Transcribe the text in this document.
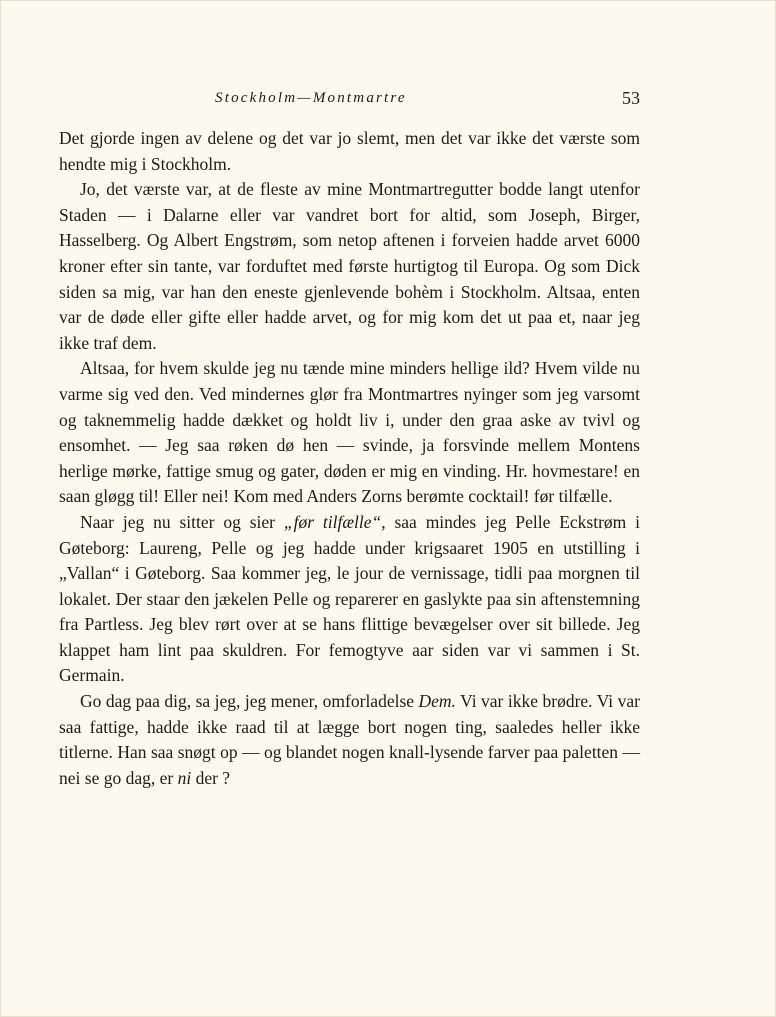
Stockholm—Montmartre	53

Det gjorde ingen av delene og det var jo slemt, men det var ikke det værste som hendte mig i Stockholm.

Jo, det værste var, at de fleste av mine Montmartregutter bodde langt utenfor Staden — i Dalarne eller var vandret bort for altid, som Joseph, Birger, Hasselberg. Og Albert Engstrøm, som netop aftenen i forveien hadde arvet 6000 kroner efter sin tante, var forduftet med første hurtigtog til Europa. Og som Dick siden sa mig, var han den eneste gjenlevende bohèm i Stockholm. Altsaa, enten var de døde eller gifte eller hadde arvet, og for mig kom det ut paa et, naar jeg ikke traf dem.

Altsaa, for hvem skulde jeg nu tænde mine minders hellige ild? Hvem vilde nu varme sig ved den. Ved mindernes glør fra Montmartres nyinger som jeg varsomt og taknemmelig hadde dækket og holdt liv i, under den graa aske av tvivl og ensomhet. — Jeg saa røken dø hen — svinde, ja forsvinde mellem Montens herlige mørke, fattige smug og gater, døden er mig en vinding. Hr. hovmestare! en saan gløgg til! Eller nei! Kom med Anders Zorns berømte cocktail! før tilfælle.

Naar jeg nu sitter og sier „før tilfælle“, saa mindes jeg Pelle Eckstrøm i Gøteborg: Laureng, Pelle og jeg hadde under krigsaaret 1905 en utstilling i „Vallan“ i Gøteborg. Saa kommer jeg, le jour de vernissage, tidli paa morgnen til lokalet. Der staar den jækelen Pelle og reparerer en gaslykte paa sin aftenstemning fra Partless. Jeg blev rørt over at se hans flittige bevægelser over sit billede. Jeg klappet ham lint paa skuldren. For femogtyve aar siden var vi sammen i St. Germain.

Go dag paa dig, sa jeg, jeg mener, omforladelse Dem. Vi var ikke brødre. Vi var saa fattige, hadde ikke raad til at lægge bort nogen ting, saaledes heller ikke titlerne. Han saa snøgt op — og blandet nogen knall-lysende farver paa paletten — nei se go dag, er ni der ?
